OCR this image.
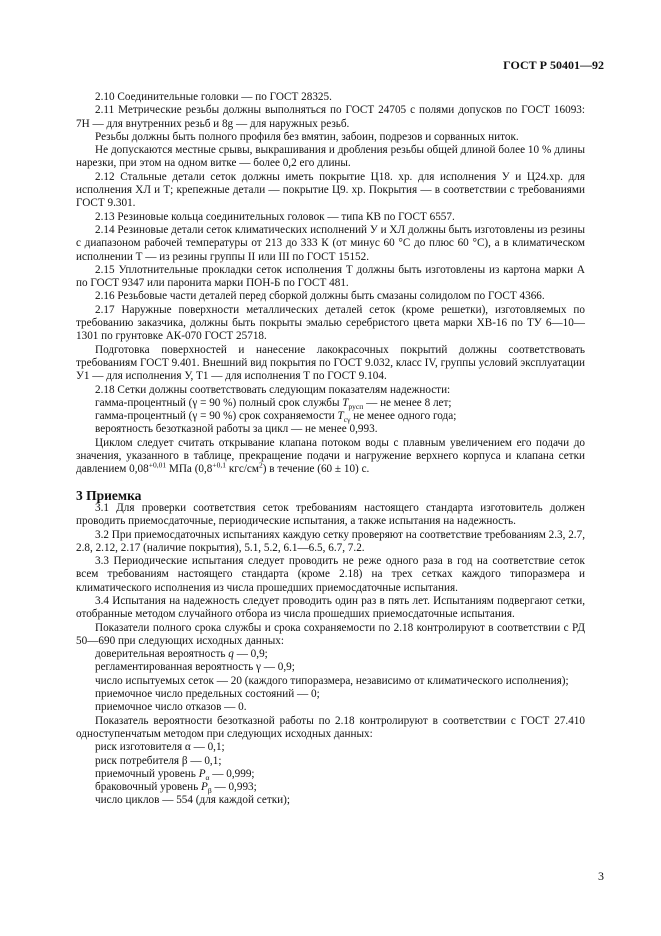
ГОСТ Р 50401—92

2.10 Соединительные головки — по ГОСТ 28325.

2.11 Метрические резьбы должны выполняться по ГОСТ 24705 с полями допусков по ГОСТ 16093: 7Н — для внутренних резьб и 8g — для наружных резьб.

Резьбы должны быть полного профиля без вмятин, забоин, подрезов и сорванных ниток.

Не допускаются местные срывы, выкрашивания и дробления резьбы общей длиной более 10 % длины нарезки, при этом на одном витке — более 0,2 его длины.

2.12 Стальные детали сеток должны иметь покрытие Ц18. хр. для исполнения У и Ц24.хр. для исполнения ХЛ и Т; крепежные детали — покрытие Ц9. хр. Покрытия — в соответствии с требованиями ГОСТ 9.301.

2.13 Резиновые кольца соединительных головок — типа КВ по ГОСТ 6557.

2.14 Резиновые детали сеток климатических исполнений У и ХЛ должны быть изготовлены из резины с диапазоном рабочей температуры от 213 до 333 К (от минус 60 °С до плюс 60 °С), а в климатическом исполнении Т — из резины группы II или III по ГОСТ 15152.

2.15 Уплотнительные прокладки сеток исполнения Т должны быть изготовлены из картона марки А по ГОСТ 9347 или паронита марки ПОН-Б по ГОСТ 481.

2.16 Резьбовые части деталей перед сборкой должны быть смазаны солидолом по ГОСТ 4366.

2.17 Наружные поверхности металлических деталей сеток (кроме решетки), изготовляемых по требованию заказчика, должны быть покрыты эмалью серебристого цвета марки ХВ-16 по ТУ 6—10—1301 по грунтовке АК-070 ГОСТ 25718.

Подготовка поверхностей и нанесение лакокрасочных покрытий должны соответствовать требованиям ГОСТ 9.401. Внешний вид покрытия по ГОСТ 9.032, класс IV, группы условий эксплуатации У1 — для исполнения У, Т1 — для исполнения Т по ГОСТ 9.104.

2.18 Сетки должны соответствовать следующим показателям надежности:

гамма-процентный (γ = 90 %) полный срок службы $Т_{русп}$ — не менее 8 лет;

гамма-процентный (γ = 90 %) срок сохраняемости $Т_{с\gamma}$ не менее одного года;

вероятность безотказной работы за цикл — не менее 0,993.

Циклом следует считать открывание клапана потоком воды с плавным увеличением его подачи до значения, указанного в таблице, прекращение подачи и нагружение верхнего корпуса и клапана сетки давлением $0,08^{+0,01}$ МПа ($0,8^{+0,1}$ кгс/$см^2$) в течение (60 ± 10) с.

3 Приемка

3.1 Для проверки соответствия сеток требованиям настоящего стандарта изготовитель должен проводить приемосдаточные, периодические испытания, а также испытания на надежность.

3.2 При приемосдаточных испытаниях каждую сетку проверяют на соответствие требованиям 2.3, 2.7, 2.8, 2.12, 2.17 (наличие покрытия), 5.1, 5.2, 6.1—6.5, 6.7, 7.2.

3.3 Периодические испытания следует проводить не реже одного раза в год на соответствие сеток всем требованиям настоящего стандарта (кроме 2.18) на трех сетках каждого типоразмера и климатического исполнения из числа прошедших приемосдаточные испытания.

3.4 Испытания на надежность следует проводить один раз в пять лет. Испытаниям подвергают сетки, отобранные методом случайного отбора из числа прошедших приемосдаточные испытания.

Показатели полного срока службы и срока сохраняемости по 2.18 контролируют в соответствии с РД 50—690 при следующих исходных данных:

доверительная вероятность q — 0,9;

регламентированная вероятность γ — 0,9;

число испытуемых сеток — 20 (каждого типоразмера, независимо от климатического исполнения);

приемочное число предельных состояний — 0;

приемочное число отказов — 0.

Показатель вероятности безотказной работы по 2.18 контролируют в соответствии с ГОСТ 27.410 одноступенчатым методом при следующих исходных данных:

риск изготовителя α — 0,1;

риск потребителя β — 0,1;

приемочный уровень $P_\alpha$ — 0,999;

браковочный уровень $P_\beta$ — 0,993;

число циклов — 554 (для каждой сетки);

3
